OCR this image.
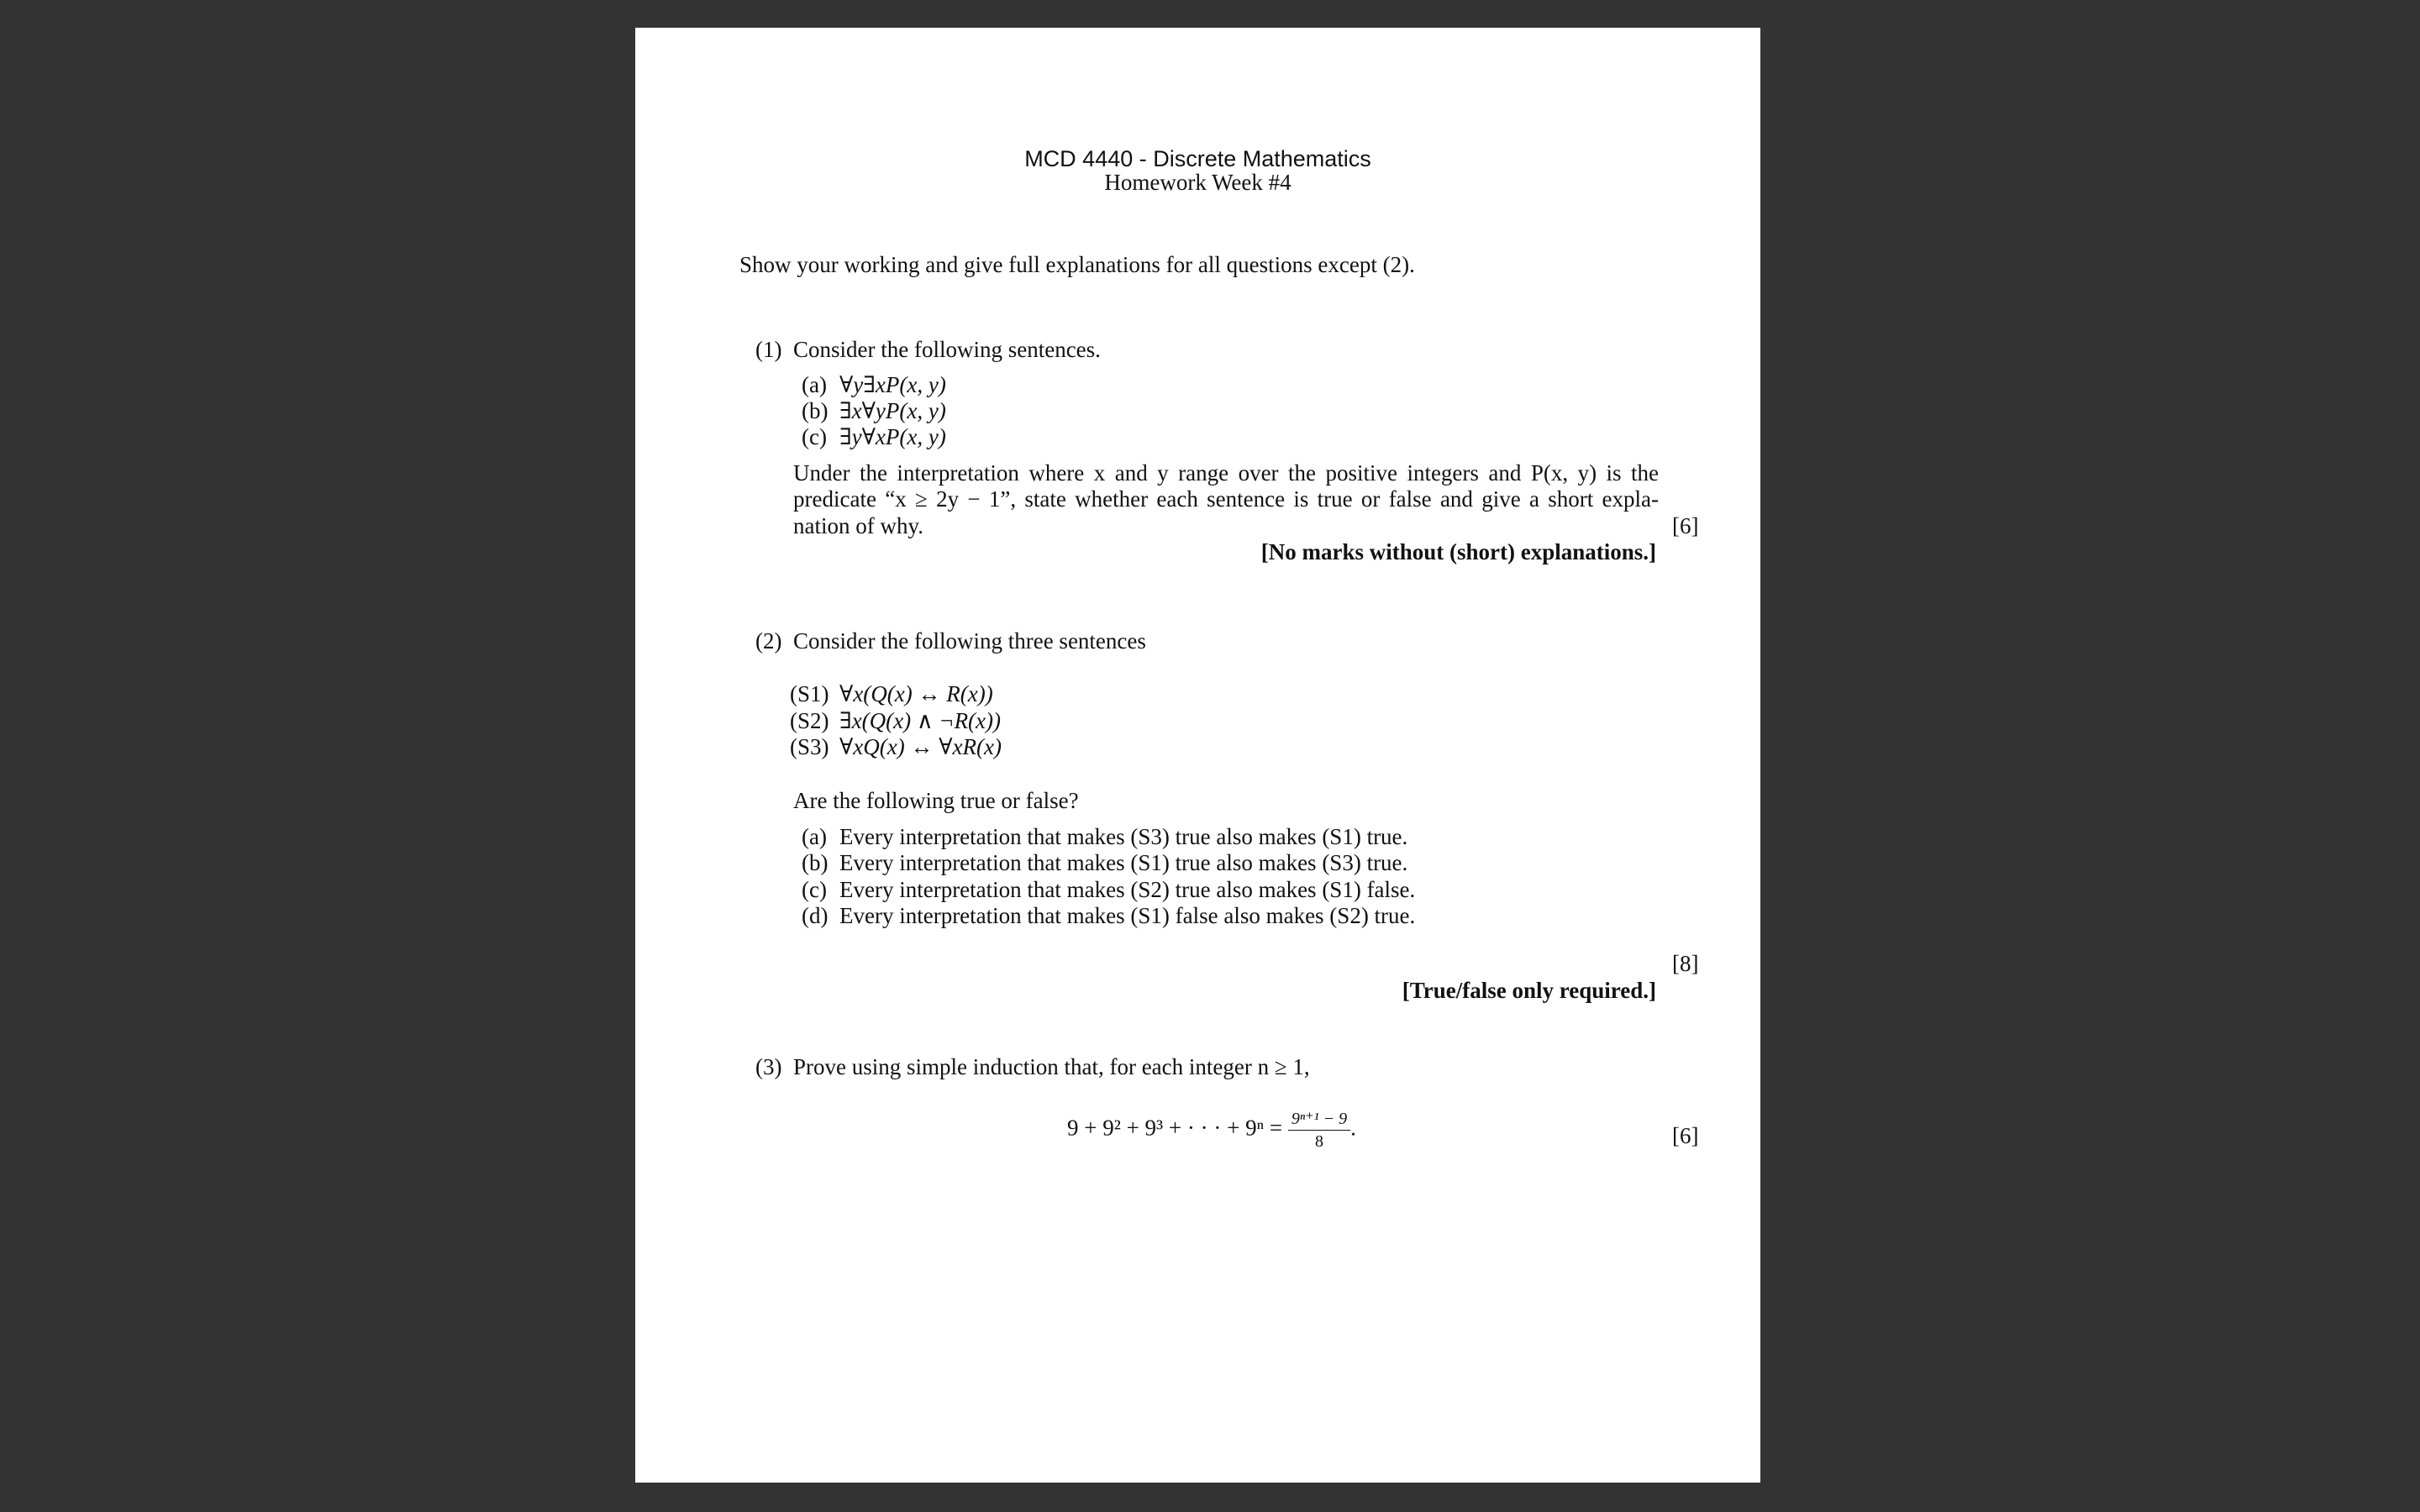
MCD 4440 - Discrete Mathematics
Homework Week #4
Show your working and give full explanations for all questions except (2).
(1) Consider the following sentences.
(a) ∀y∃xP(x, y)
(b) ∃x∀yP(x, y)
(c) ∃y∀xP(x, y)
Under the interpretation where x and y range over the positive integers and P(x, y) is the
predicate “x ≥ 2y − 1”, state whether each sentence is true or false and give a short expla-
nation of why.	[6]
[No marks without (short) explanations.]
(2) Consider the following three sentences
(S1) ∀x(Q(x) ↔ R(x))
(S2) ∃x(Q(x) ∧ ¬R(x))
(S3) ∀xQ(x) ↔ ∀xR(x)
Are the following true or false?
(a) Every interpretation that makes (S3) true also makes (S1) true.
(b) Every interpretation that makes (S1) true also makes (S3) true.
(c) Every interpretation that makes (S2) true also makes (S1) false.
(d) Every interpretation that makes (S1) false also makes (S2) true.
[8]
[True/false only required.]
(3) Prove using simple induction that, for each integer n ≥ 1,
9 + 9² + 9³ + · · · + $9^n = \frac{\text{9ⁿ⁺¹ − 9}}{8}$ .	[6]
